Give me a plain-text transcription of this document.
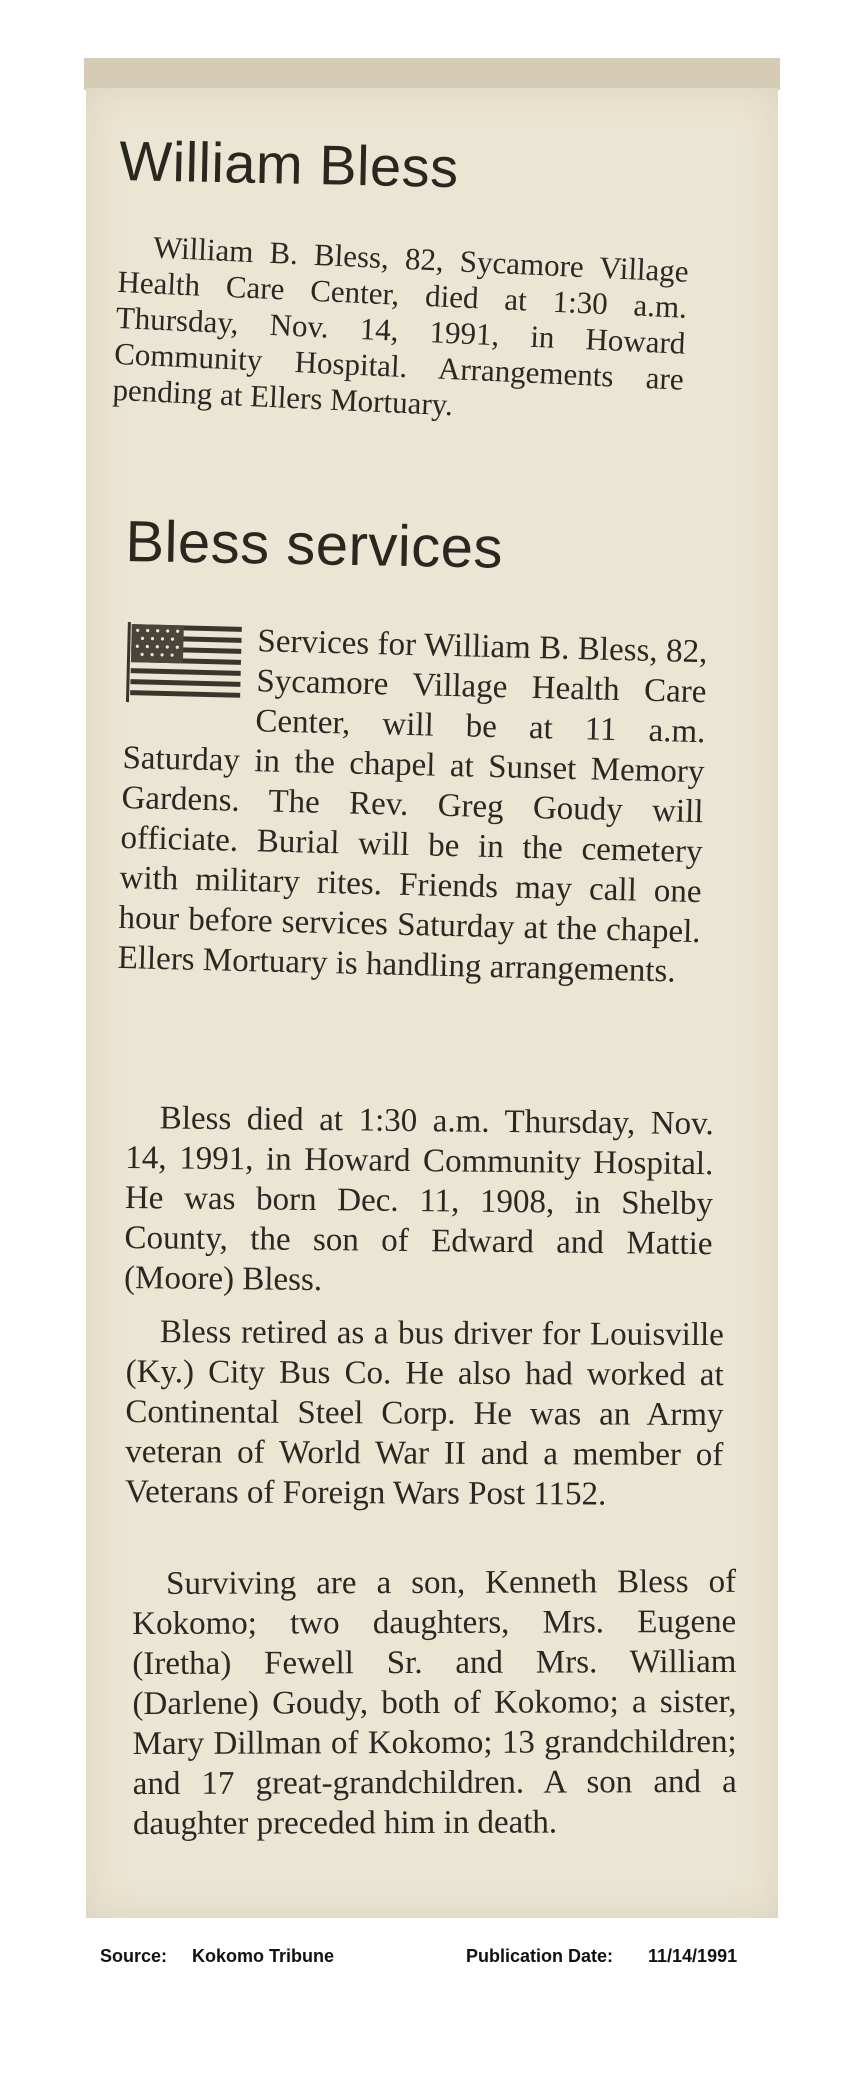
William Bless

William B. Bless, 82, Sycamore Village Health Care Center, died at 1:30 a.m. Thursday, Nov. 14, 1991, in Howard Community Hospital. Arrangements are pending at Ellers Mortuary.

Bless services

Services for William B. Bless, 82, Sycamore Village Health Care Center, will be at 11 a.m. Saturday in the chapel at Sunset Memory Gardens. The Rev. Greg Goudy will officiate. Burial will be in the cemetery with military rites. Friends may call one hour before services Saturday at the chapel. Ellers Mortuary is handling arrangements.

Bless died at 1:30 a.m. Thursday, Nov. 14, 1991, in Howard Community Hospital. He was born Dec. 11, 1908, in Shelby County, the son of Edward and Mattie (Moore) Bless.

Bless retired as a bus driver for Louisville (Ky.) City Bus Co. He also had worked at Continental Steel Corp. He was an Army veteran of World War II and a member of Veterans of Foreign Wars Post 1152.

Surviving are a son, Kenneth Bless of Kokomo; two daughters, Mrs. Eugene (Iretha) Fewell Sr. and Mrs. William (Darlene) Goudy, both of Kokomo; a sister, Mary Dillman of Kokomo; 13 grandchildren; and 17 great-grandchildren. A son and a daughter preceded him in death.

Source: Kokomo Tribune	Publication Date: 11/14/1991
